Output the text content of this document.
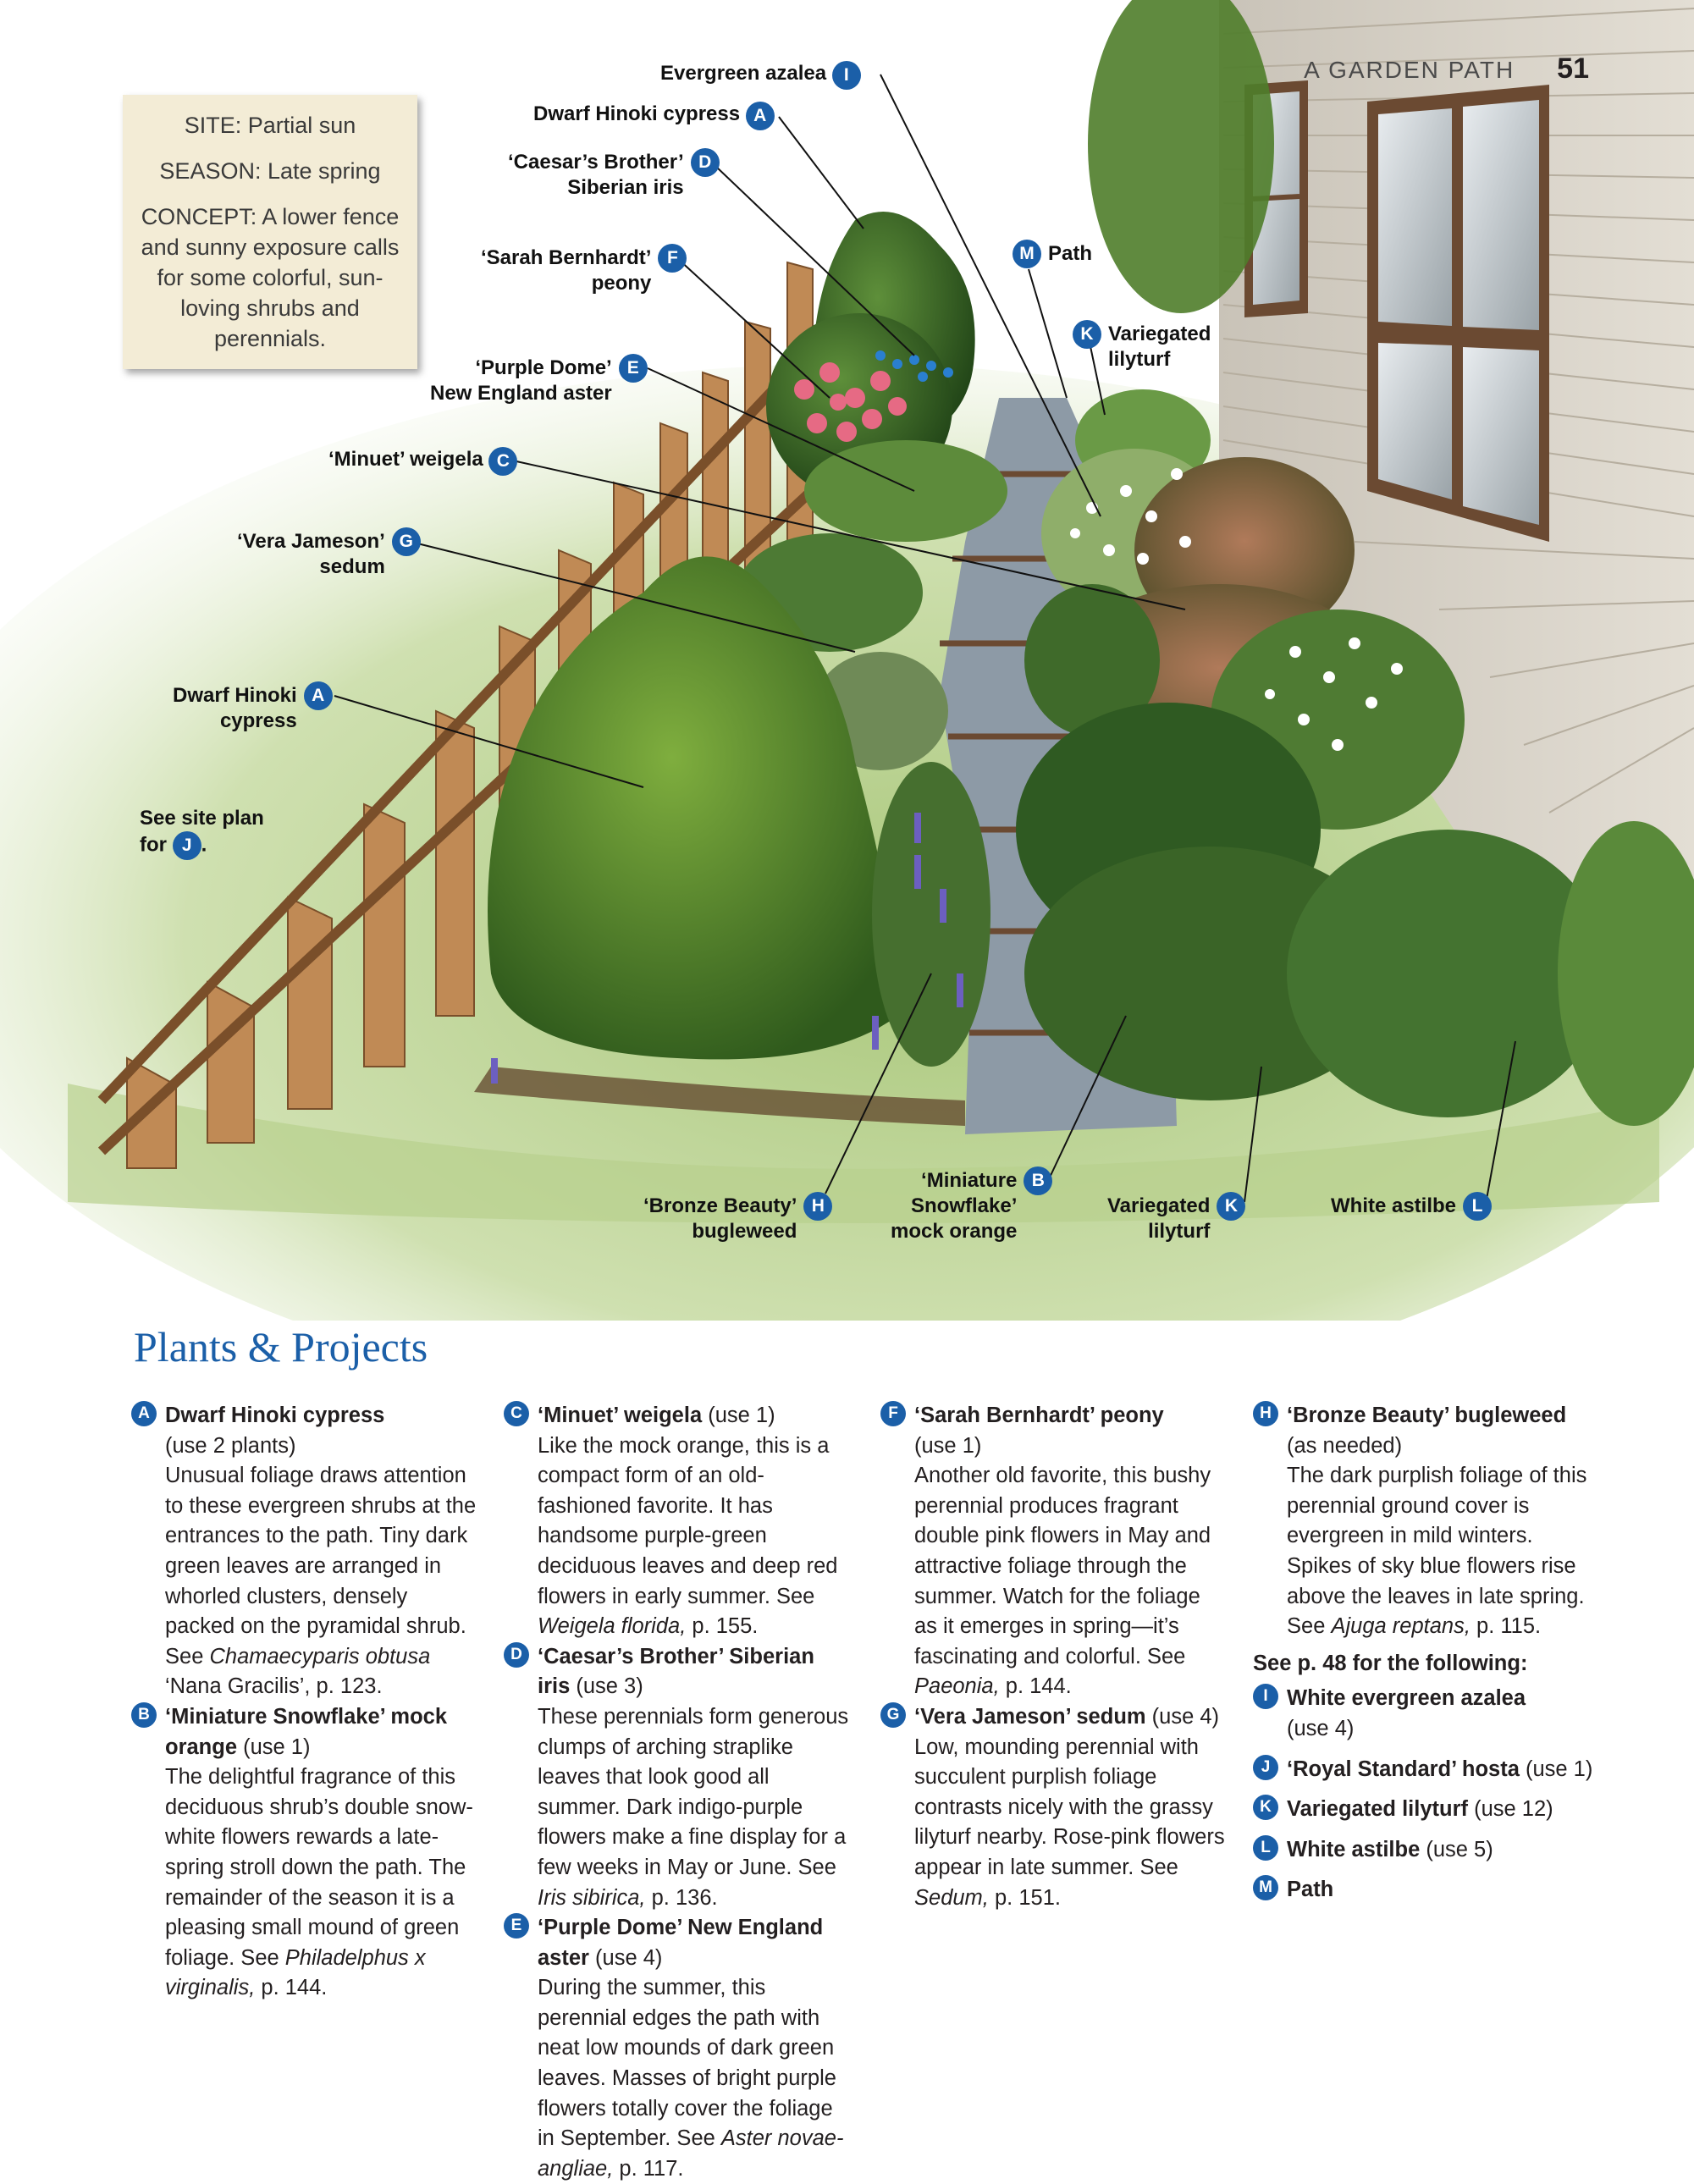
A GARDEN PATH 51

SITE: Partial sun

SEASON: Late spring

CONCEPT: A lower fence and sunny exposure calls for some colorful, sun-loving shrubs and perennials.

Evergreen azalea I
Dwarf Hinoki cypress A
‘Caesar’s Brother’
Siberian iris
D
‘Sarah Bernhardt’
peony
F
‘Purple Dome’
New England aster
E
‘Minuet’ weigela C
‘Vera Jameson’
sedum
G
Dwarf Hinoki
cypress
A
M Path
K Variegated
lilyturf
See site plan
for J .
‘Bronze Beauty’
bugleweed
H
‘Miniature
Snowflake’
mock orange
B
Variegated
lilyturf
K	White astilbe L
Plants & Projects
A Dwarf Hinoki cypress
(use 2 plants)
Unusual foliage draws attention to these evergreen shrubs at the entrances to the path. Tiny dark green leaves are arranged in whorled clusters, densely packed on the pyramidal shrub. See Chamaecyparis obtusa ‘Nana Gracilis’, p. 123.
B ‘Miniature Snowflake’ mock orange (use 1)
The delightful fragrance of this deciduous shrub’s double snow-white flowers rewards a late-spring stroll down the path. The remainder of the season it is a pleasing small mound of green foliage. See Philadelphus x virginalis, p. 144.
C ‘Minuet’ weigela (use 1)
Like the mock orange, this is a compact form of an old-fashioned favorite. It has handsome purple-green deciduous leaves and deep red flowers in early summer. See Weigela florida, p. 155.
D ‘Caesar’s Brother’ Siberian iris (use 3)
These perennials form generous clumps of arching straplike leaves that look good all summer. Dark indigo-purple flowers make a fine display for a few weeks in May or June. See Iris sibirica, p. 136.
E ‘Purple Dome’ New England aster (use 4)
During the summer, this perennial edges the path with neat low mounds of dark green leaves. Masses of bright purple flowers totally cover the foliage in September. See Aster novae-angliae, p. 117.
F ‘Sarah Bernhardt’ peony
(use 1)
Another old favorite, this bushy perennial produces fragrant double pink flowers in May and attractive foliage through the summer. Watch for the foliage as it emerges in spring—it’s fascinating and colorful. See Paeonia, p. 144.
G ‘Vera Jameson’ sedum (use 4)
Low, mounding perennial with succulent purplish foliage contrasts nicely with the grassy lilyturf nearby. Rose-pink flowers appear in late summer. See Sedum, p. 151.
H ‘Bronze Beauty’ bugleweed
(as needed)
The dark purplish foliage of this perennial ground cover is evergreen in mild winters. Spikes of sky blue flowers rise above the leaves in late spring. See Ajuga reptans, p. 115.
See p. 48 for the following:
I White evergreen azalea
(use 4)
J ‘Royal Standard’ hosta (use 1)
K Variegated lilyturf (use 12)
L White astilbe (use 5)
M Path
